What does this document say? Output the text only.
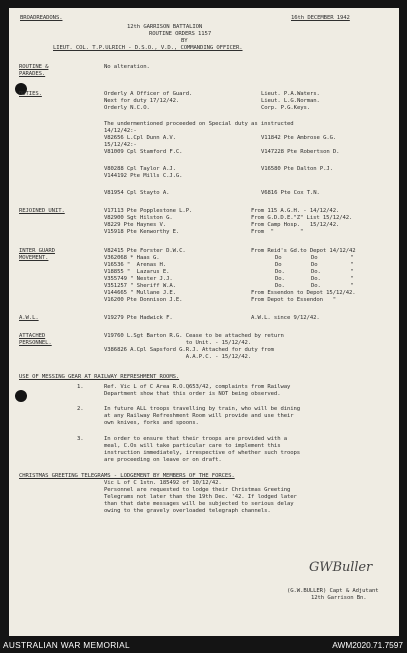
BROADREADONS.	16th DECEMBER 1942
12th GARRISON BATTALION
ROUTINE ORDERS 1157
BY
LIEUT. COL. T.P.ULRICH - D.S.O., V.D., COMMANDING OFFICER.
ROUTINE &
PARADES.
No alteration.
DUTIES.	Orderly A Officer of Guard.	Lieut. P.A.Waters.
Next for duty 17/12/42.	Lieut. L.G.Norman.
Orderly N.C.O.	Corp. P.G.Keys.
The undermentioned proceeded on Special duty as instructed
14/12/42:-
V82656 L.Cpl Dunn A.V.	V11842 Pte Ambrose G.G.
15/12/42:-
V81009 Cpl Stamford F.C.	V147228 Pte Robertson D.
V80288 Cpl Taylor A.J.	V16580 Pte Dalton P.J.
V144192 Pte Mills C.J.G.
V81954 Cpl Stayto A.	V6816 Pte Cox T.N.
REJOINED UNIT.	V17113 Pte Popplestone L.P.	From 115 A.G.H. - 14/12/42.
V82900 Sgt Hilston G.	From G.D.D.E."Z" List 15/12/42.
V8229 Pte Haynes V.	From Camp Hosp.   15/12/42.
V15918 Pte Kenworthy E.	From  "        "
INTER GUARD
MOVEMENT.
V82415 Pte Forster D.W.C.	From Reid's Gd.to Depot 14/12/42
V362068 * Haas G.	Do         Do          "
V16536 "  Arenas H.	Do         Do          "
V18855 "  Lazarus E.	Do.        Do.         "
V355749 " Nester J.J.	Do.        Do.         "
V351257 " Sheriff W.A.	Do.        Do.         "
V144665 " Mullane J.E.	From Essendon to Depot 15/12/42.
V16200 Pte Donnison J.E.	From Depot to Essendon   "
A.W.L.	V19279 Pte Hadwick F.	A.W.L. since 9/12/42.
ATTACHED
PERSONNEL.
V19760 L.Sgt Barton R.G. Cease to be attached by return
to Unit. - 15/12/42.
V386826 A.Cpl Sapsford G.R.J. Attached for duty from
A.A.P.C. - 15/12/42.
USE OF MESSING GEAR AT RAILWAY REFRESHMENT ROOMS.
1.	Ref. Vic L of C Area R.O.Q653/42, complaints from Railway
Department show that this order is NOT being observed.
2.	In future ALL troops travelling by train, who will be dining
at any Railway Refreshment Room will provide and use their
own knives, forks and spoons.
3.	In order to ensure that their troops are provided with a
meal, C.Os will take particular care to implement this
instruction immediately, irrespective of whether such troops
are proceeding on leave or on draft.
CHRISTMAS GREETING TELEGRAMS - LODGEMENT BY MEMBERS OF THE FORCES.
Vic L of C 1stn. 185492 of 10/12/42.
Personnel are requested to lodge their Christmas Greeting
Telegrams not later than the 19th Dec. '42. If lodged later
than that date messages will be subjected to serious delay
owing to the gravely overloaded telegraph channels.
GWBuller
(G.W.BULLER) Capt & Adjutant
12th Garrison Bn.
AUSTRALIAN WAR MEMORIAL	AWM2020.71.7597
